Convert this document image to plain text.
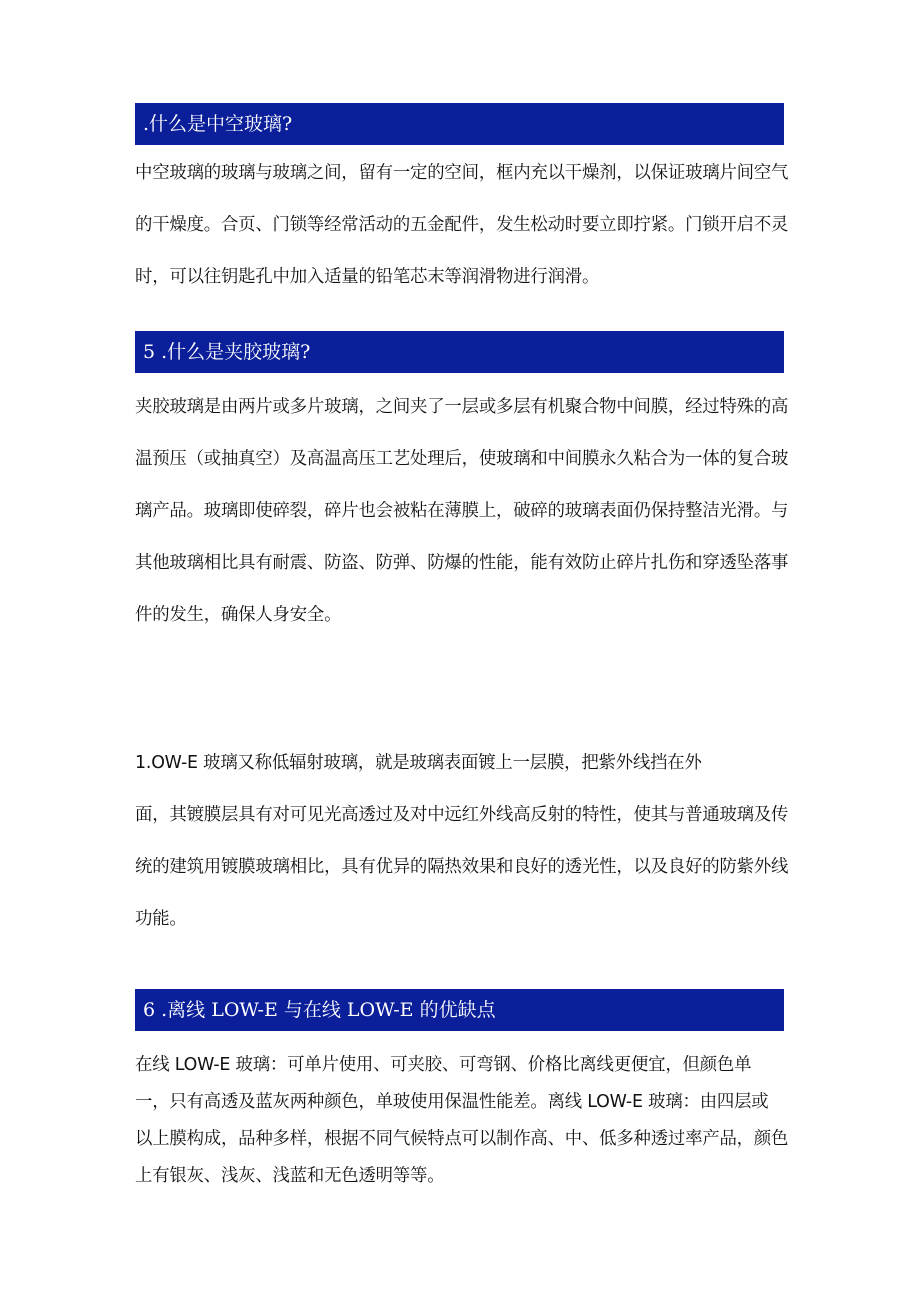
.什么是中空玻璃?
中空玻璃的玻璃与玻璃之间，留有一定的空间，框内充以干燥剂，以保证玻璃片间空气
的干燥度。合页、门锁等经常活动的五金配件，发生松动时要立即拧紧。门锁开启不灵
时，可以往钥匙孔中加入适量的铅笔芯末等润滑物进行润滑。
5 .什么是夹胶玻璃?
夹胶玻璃是由两片或多片玻璃，之间夹了一层或多层有机聚合物中间膜，经过特殊的高
温预压（或抽真空）及高温高压工艺处理后，使玻璃和中间膜永久粘合为一体的复合玻
璃产品。玻璃即使碎裂，碎片也会被粘在薄膜上，破碎的玻璃表面仍保持整洁光滑。与
其他玻璃相比具有耐震、防盗、防弹、防爆的性能，能有效防止碎片扎伤和穿透坠落事
件的发生，确保人身安全。
1.OW-E 玻璃又称低辐射玻璃，就是玻璃表面镀上一层膜，把紫外线挡在外
面，其镀膜层具有对可见光高透过及对中远红外线高反射的特性，使其与普通玻璃及传
统的建筑用镀膜玻璃相比，具有优异的隔热效果和良好的透光性，以及良好的防紫外线
功能。
6 .离线 LOW-E 与在线 LOW-E 的优缺点
在线 LOW-E 玻璃：可单片使用、可夹胶、可弯钢、价格比离线更便宜，但颜色单
一，只有高透及蓝灰两种颜色，单玻使用保温性能差。离线 LOW-E 玻璃：由四层或
以上膜构成，品种多样，根据不同气候特点可以制作高、中、低多种透过率产品，颜色
上有银灰、浅灰、浅蓝和无色透明等等。
